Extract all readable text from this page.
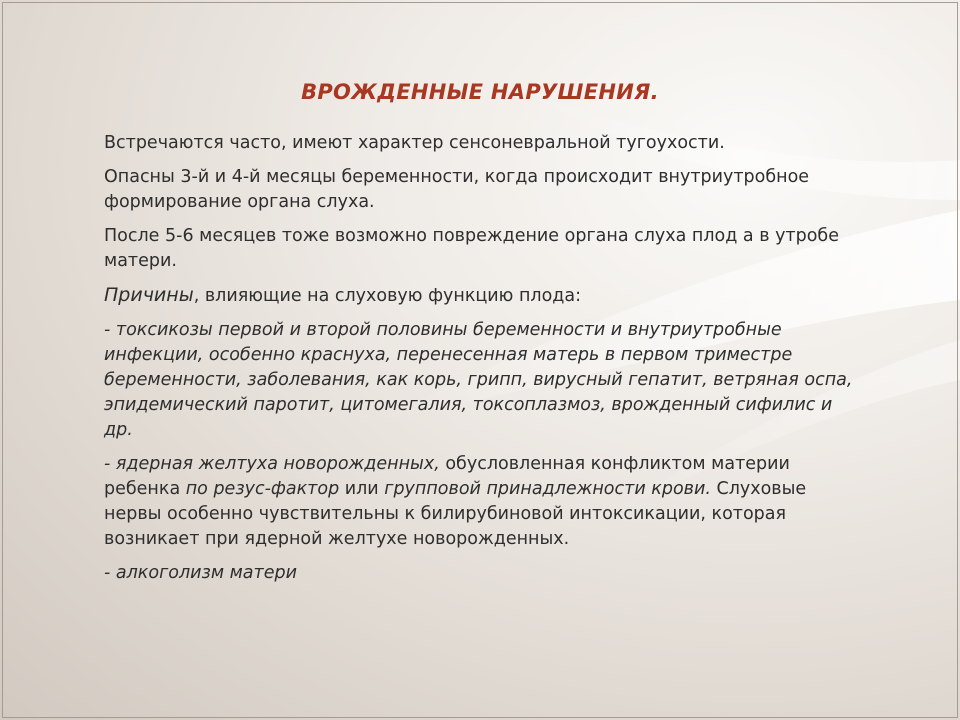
ВРОЖДЕННЫЕ НАРУШЕНИЯ.

Встречаются часто, имеют характер сенсоневральной тугоухости.

Опасны 3-й и 4-й месяцы беременности, когда происходит внутриутробное формирование органа слуха.

После 5-6 месяцев тоже возможно повреждение органа слуха плод а в утробе матери.

Причины, влияющие на слуховую функцию плода:

- токсикозы первой и второй половины беременности и внутриутробные инфекции, особенно краснуха, перенесенная матерь в первом триместре беременности, заболевания, как корь, грипп, вирусный гепатит, ветряная оспа, эпидемический паротит, цитомегалия, токсоплазмоз, врожденный сифилис и др.

- ядерная желтуха новорожденных, обусловленная конфликтом материи ребенка по резус-фактор или групповой принадлежности крови. Слуховые нервы особенно чувствительны к билирубиновой интоксикации, которая возникает при ядерной желтухе новорожденных.

- алкоголизм матери
